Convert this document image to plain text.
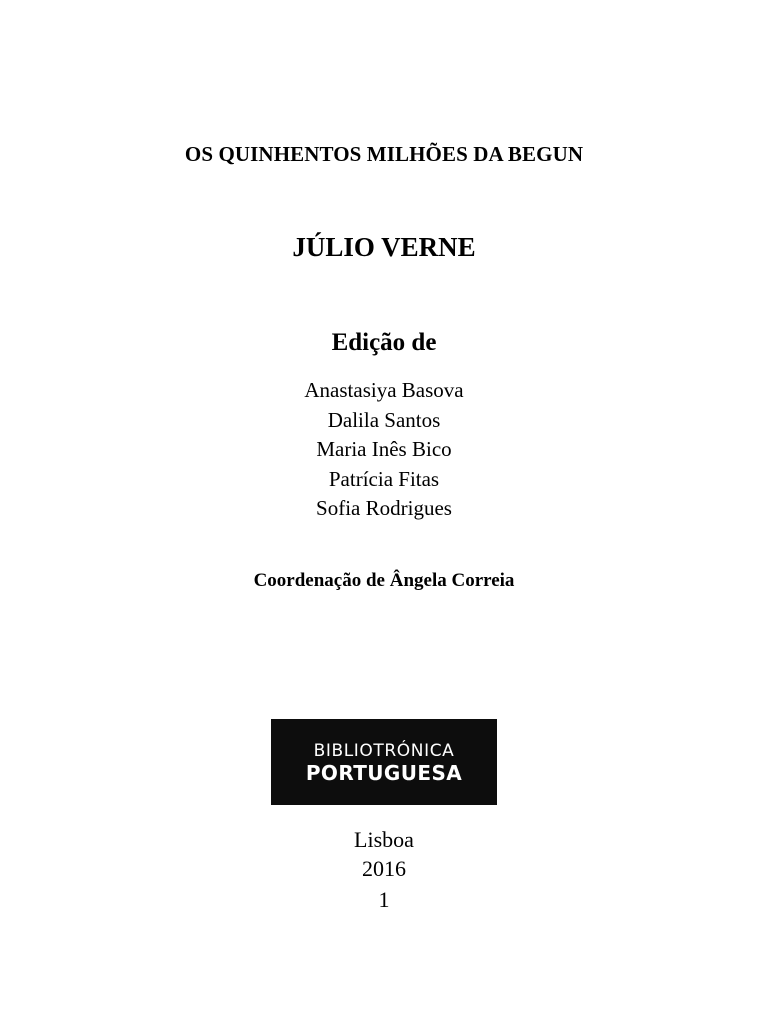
OS QUINHENTOS MILHÕES DA BEGUN
JÚLIO VERNE
Edição de
Anastasiya Basova
Dalila Santos
Maria Inês Bico
Patrícia Fitas
Sofia Rodrigues
Coordenação de Ângela Correia
BIBLIOTRÓNICA
PORTUGUESA
Lisboa
2016
1
